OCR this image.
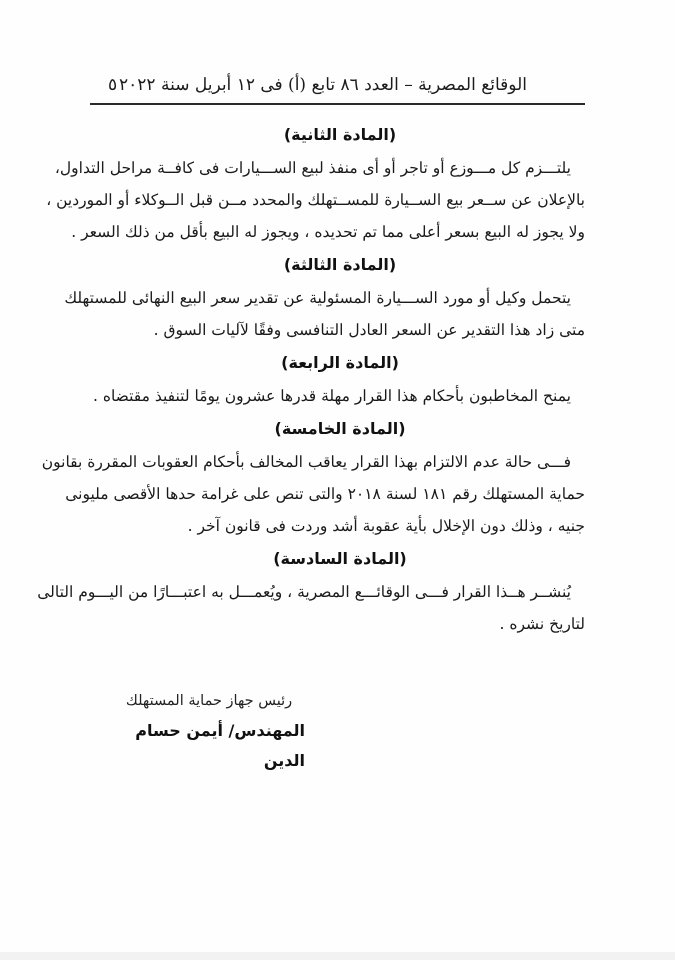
الوقائع المصرية – العدد ٨٦ تابع (أ) فى ١٢ أبريل سنة ٢٠٢٢
٥
(المادة الثانية)
يلتـــزم كل مـــوزع أو تاجر أو أى منفذ لبيع الســـيارات فى كافــة مراحل التداول،
بالإعلان عن ســعر بيع الســيارة للمســتهلك والمحدد مــن قبل الــوكلاء أو الموردين ،
ولا يجوز له البيع بسعر أعلى مما تم تحديده ، ويجوز له البيع بأقل من ذلك السعر .
(المادة الثالثة)
يتحمل وكيل أو مورد الســـيارة المسئولية عن تقدير سعر البيع النهائى للمستهلك
متى زاد هذا التقدير عن السعر العادل التنافسى وفقًا لآليات السوق .
(المادة الرابعة)
يمنح المخاطبون بأحكام هذا القرار مهلة قدرها عشرون يومًا لتنفيذ مقتضاه .
(المادة الخامسة)
فـــى حالة عدم الالتزام بهذا القرار يعاقب المخالف بأحكام العقوبات المقررة بقانون
حماية المستهلك رقم ١٨١ لسنة ٢٠١٨ والتى تنص على غرامة حدها الأقصى مليونى
جنيه ، وذلك دون الإخلال بأية عقوبة أشد وردت فى قانون آخر .
(المادة السادسة)
يُنشــر هــذا القرار فـــى الوقائـــع المصرية ، ويُعمـــل به اعتبـــارًا من اليـــوم التالى
لتاريخ نشره .
رئيس جهاز حماية المستهلك
المهندس/ أيمن حسام الدين
